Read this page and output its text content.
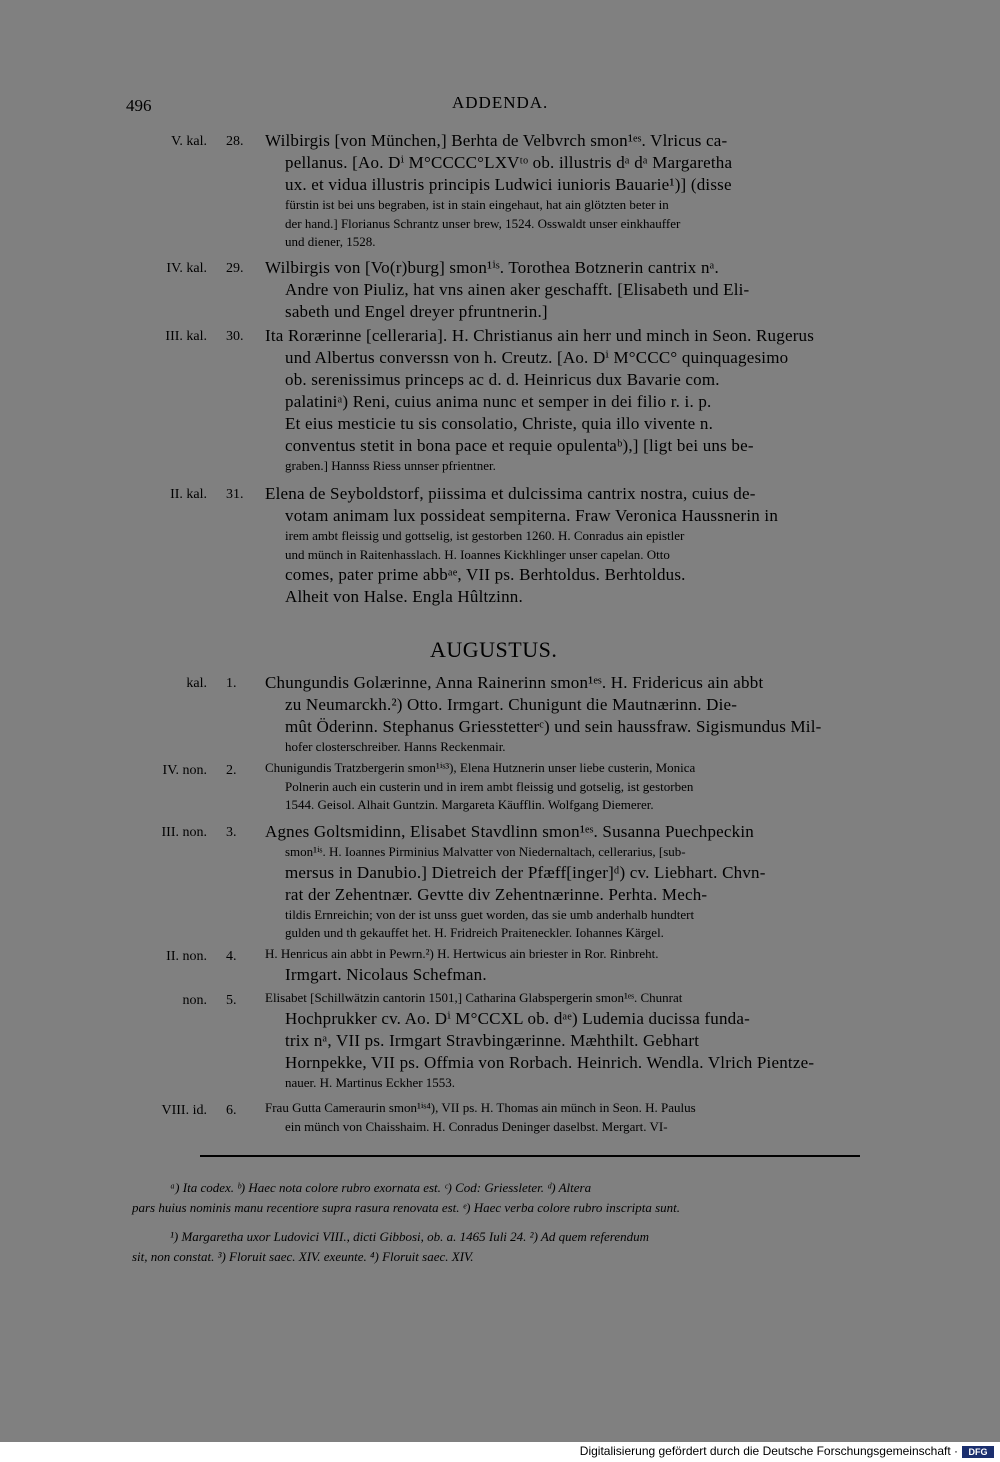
496	ADDENDA.
V. kal. 28. Wilbirgis [von München,] Berhta de Velbvrch smon¹ᵉˢ. Vlricus ca-
pellanus. [Ao. Dⁱ M°CCCC°LXVᵗᵒ ob. illustris dᵃ dᵃ Margaretha
ux. et vidua illustris principis Ludwici iunioris Bauarie¹)] (disse
fürstin ist bei uns begraben, ist in stain eingehaut, hat ain glötzten beter in
der hand.] Florianus Schrantz unser brew, 1524. Osswaldt unser einkhauffer
und diener, 1528.
IV. kal. 29. Wilbirgis von [Vo(r)burg] smon¹ⁱˢ. Torothea Botznerin cantrix nᵃ.
Andre von Piuliz, hat vns ainen aker geschafft. [Elisabeth und Eli-
sabeth und Engel dreyer pfruntnerin.]
III. kal. 30. Ita Rorærinne [celleraria]. H. Christianus ain herr und minch in Seon. Rugerus
und Albertus converssn von h. Creutz. [Ao. Dⁱ M°CCC° quinquagesimo
ob. serenissimus princeps ac d. d. Heinricus dux Bavarie com.
palatiniᵃ) Reni, cuius anima nunc et semper in dei filio r. i. p.
Et eius mesticie tu sis consolatio, Christe, quia illo vivente n.
conventus stetit in bona pace et requie opulentaᵇ),] [ligt bei uns be-
graben.] Hannss Riess unnser pfrientner.
II. kal. 31. Elena de Seyboldstorf, piissima et dulcissima cantrix nostra, cuius de-
votam animam lux possideat sempiterna. Fraw Veronica Haussnerin in
irem ambt fleissig und gottselig, ist gestorben 1260. H. Conradus ain epistler
und münch in Raitenhasslach. H. Ioannes Kickhlinger unser capelan. Otto
comes, pater prime abbᵃᵉ, VII ps. Berhtoldus. Berhtoldus.
Alheit von Halse. Engla Hûltzinn.
AUGUSTUS.
kal. 1. Chungundis Golærinne, Anna Rainerinn smon¹ᵉˢ. H. Fridericus ain abbt
zu Neumarckh.²) Otto. Irmgart. Chunigunt die Mautnærinn. Die-
mût Öderinn. Stephanus Griesstetterᶜ) und sein haussfraw. Sigismundus Mil-
hofer closterschreiber. Hanns Reckenmair.
IV. non. 2. Chunigundis Tratzbergerin smon¹ⁱˢ³), Elena Hutznerin unser liebe custerin, Monica
Polnerin auch ein custerin und in irem ambt fleissig und gotselig, ist gestorben
1544. Geisol. Alhait Guntzin. Margareta Käufflin. Wolfgang Diemerer.
III. non. 3. Agnes Goltsmidinn, Elisabet Stavdlinn smon¹ᵉˢ. Susanna Puechpeckin
smon¹ⁱˢ. H. Ioannes Pirminius Malvatter von Niedernaltach, cellerarius, [sub-
mersus in Danubio.] Dietreich der Pfæff[inger]ᵈ) cv. Liebhart. Chvn-
rat der Zehentnær. Gevtte div Zehentnærinne. Perhta. Mech-
tildis Ernreichin; von der ist unss guet worden, das sie umb anderhalb hundtert
gulden und th gekauffet het. H. Fridreich Praiteneckler. Iohannes Kärgel.
II. non. 4. H. Henricus ain abbt in Pewrn.²) H. Hertwicus ain briester in Ror. Rinbreht.
Irmgart. Nicolaus Schefman.
non. 5. Elisabet [Schillwätzin cantorin 1501,] Catharina Glabspergerin smon¹ᵉˢ. Chunrat
Hochprukker cv. Ao. Dⁱ M°CCXL ob. dᵃᵉ) Ludemia ducissa funda-
trix nᵃ, VII ps. Irmgart Stravbingærinne. Mæhthilt. Gebhart
Hornpekke, VII ps. Offmia von Rorbach. Heinrich. Wendla. Vlrich Pientze-
nauer. H. Martinus Eckher 1553.
VIII. id. 6. Frau Gutta Cameraurin smon¹ⁱˢ⁴), VII ps. H. Thomas ain münch in Seon. H. Paulus
ein münch von Chaisshaim. H. Conradus Deninger daselbst. Mergart. VI-
ᵃ) Ita codex. ᵇ) Haec nota colore rubro exornata est. ᶜ) Cod: Griessleter. ᵈ) Altera
pars huius nominis manu recentiore supra rasura renovata est. ᵉ) Haec verba colore rubro inscripta sunt.
¹) Margaretha uxor Ludovici VIII., dicti Gibbosi, ob. a. 1465 Iuli 24. ²) Ad quem referendum
sit, non constat. ³) Floruit saec. XIV. exeunte. ⁴) Floruit saec. XIV.
Digitalisierung gefördert durch die Deutsche Forschungsgemeinschaft ·	DFG
